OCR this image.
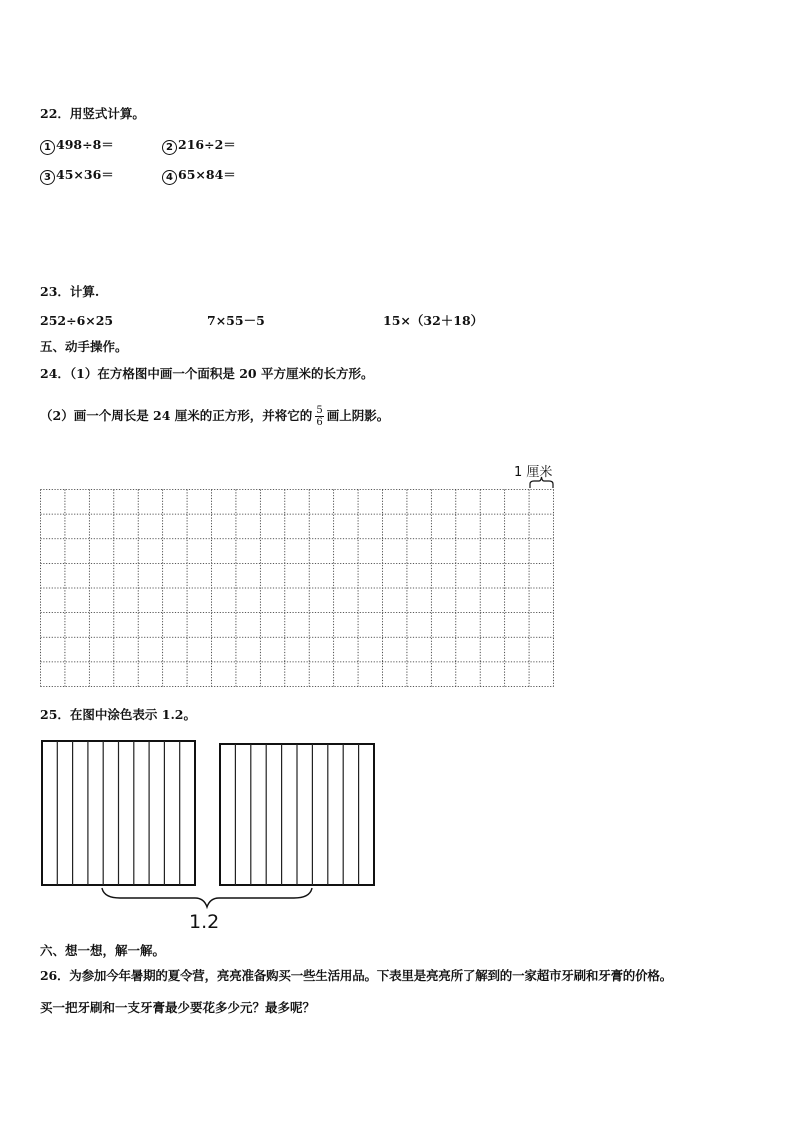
22．用竖式计算。
1 498÷8＝	2 216÷2＝
3 45×36＝	4 65×84＝
23．计算.
252÷6×25	7×55－5	15×（32＋18）
五、动手操作。
24．（1）在方格图中画一个面积是 20 平方厘米的长方形。
（2）画一个周长是 24 厘米的正方形，并将它的 $\frac{5}{6}$ 画上阴影。
1 厘米
25．在图中涂色表示 1.2。
1.2
六、想一想，解一解。
26．为参加今年暑期的夏令营，亮亮准备购买一些生活用品。下表里是亮亮所了解到的一家超市牙刷和牙膏的价格。
买一把牙刷和一支牙膏最少要花多少元？最多呢？
